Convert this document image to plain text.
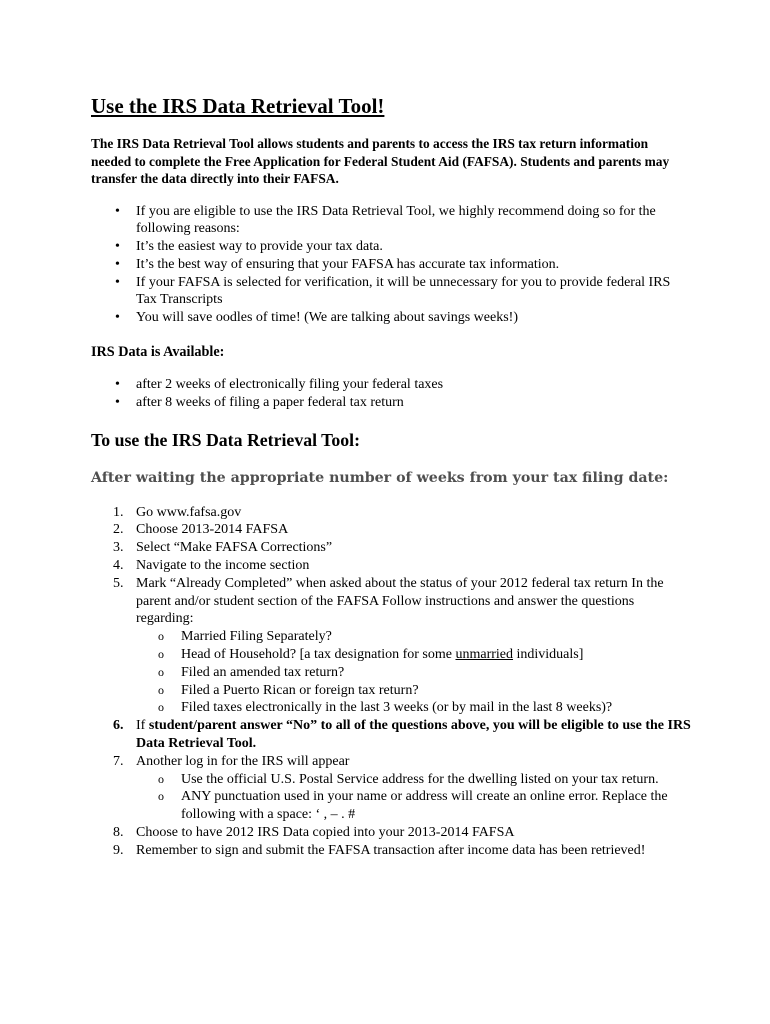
Use the IRS Data Retrieval Tool!

The IRS Data Retrieval Tool allows students and parents to access the IRS tax return information needed to complete the Free Application for Federal Student Aid (FAFSA). Students and parents may transfer the data directly into their FAFSA.

• If you are eligible to use the IRS Data Retrieval Tool, we highly recommend doing so for the following reasons:
• It’s the easiest way to provide your tax data.
• It’s the best way of ensuring that your FAFSA has accurate tax information.
• If your FAFSA is selected for verification, it will be unnecessary for you to provide federal IRS Tax Transcripts
• You will save oodles of time! (We are talking about savings weeks!)
IRS Data is Available:
• after 2 weeks of electronically filing your federal taxes
• after 8 weeks of filing a paper federal tax return
To use the IRS Data Retrieval Tool:
After waiting the appropriate number of weeks from your tax filing date:
1. Go www.fafsa.gov
2. Choose 2013-2014 FAFSA
3. Select “Make FAFSA Corrections”
4. Navigate to the income section
5. Mark “Already Completed” when asked about the status of your 2012 federal tax return In the parent and/or student section of the FAFSA Follow instructions and answer the questions regarding:
o Married Filing Separately?
o Head of Household? [a tax designation for some unmarried individuals]
o Filed an amended tax return?
o Filed a Puerto Rican or foreign tax return?
o Filed taxes electronically in the last 3 weeks (or by mail in the last 8 weeks)?
6. If student/parent answer “No” to all of the questions above, you will be eligible to use the IRS Data Retrieval Tool.
7. Another log in for the IRS will appear
o Use the official U.S. Postal Service address for the dwelling listed on your tax return.
o ANY punctuation used in your name or address will create an online error. Replace the following with a space: ‘ , – . #
8. Choose to have 2012 IRS Data copied into your 2013-2014 FAFSA
9. Remember to sign and submit the FAFSA transaction after income data has been retrieved!
